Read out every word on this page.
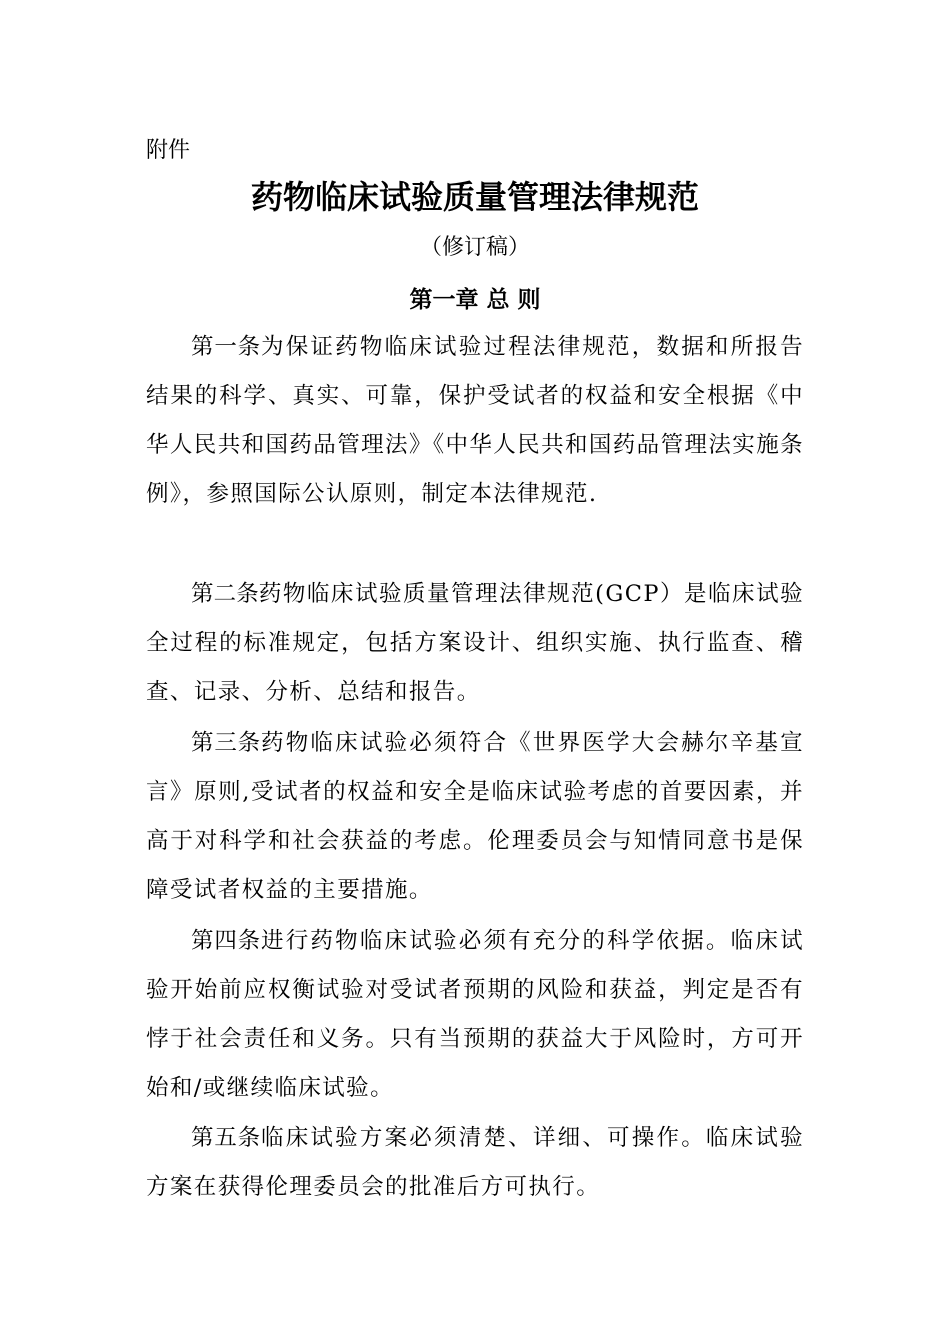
附件
药物临床试验质量管理法律规范
（修订稿）
第一章 总 则

第一条为保证药物临床试验过程法律规范，数据和所报告结果的科学、真实、可靠，保护受试者的权益和安全根据《中华人民共和国药品管理法》《中华人民共和国药品管理法实施条例》，参照国际公认原则，制定本法律规范.

第二条药物临床试验质量管理法律规范(GCP）是临床试验全过程的标准规定，包括方案设计、组织实施、执行监查、稽查、记录、分析、总结和报告。

第三条药物临床试验必须符合《世界医学大会赫尔辛基宣言》原则,受试者的权益和安全是临床试验考虑的首要因素，并高于对科学和社会获益的考虑。伦理委员会与知情同意书是保障受试者权益的主要措施。

第四条进行药物临床试验必须有充分的科学依据。临床试验开始前应权衡试验对受试者预期的风险和获益，判定是否有悖于社会责任和义务。只有当预期的获益大于风险时，方可开始和/或继续临床试验。

第五条临床试验方案必须清楚、详细、可操作。临床试验方案在获得伦理委员会的批准后方可执行。
